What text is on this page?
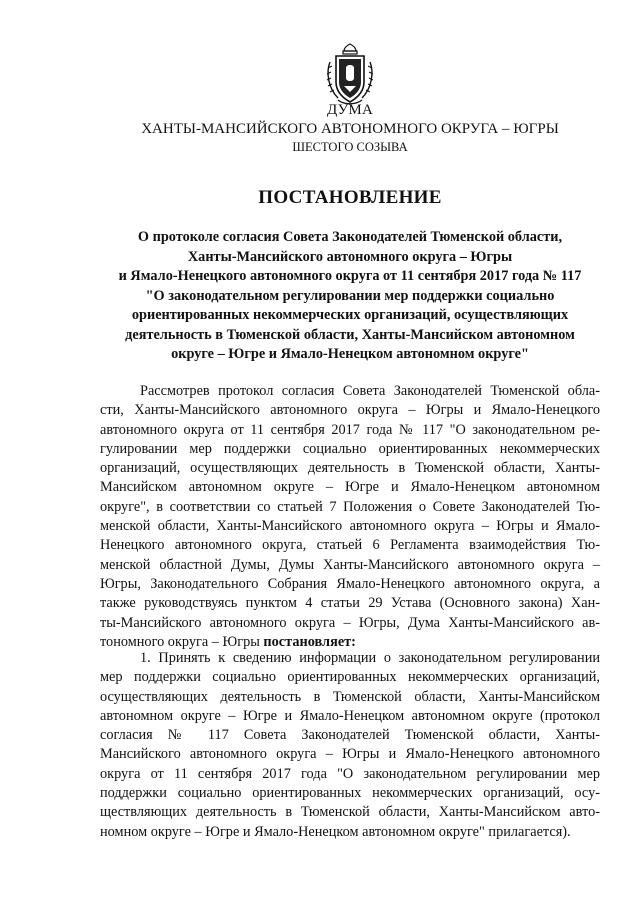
ДУМА
ХАНТЫ-МАНСИЙСКОГО АВТОНОМНОГО ОКРУГА – ЮГРЫ
ШЕСТОГО СОЗЫВА
ПОСТАНОВЛЕНИЕ
О протоколе согласия Совета Законодателей Тюменской области,
Ханты-Мансийского автономного округа – Югры
и Ямало-Ненецкого автономного округа от 11 сентября 2017 года № 117
"О законодательном регулировании мер поддержки социально
ориентированных некоммерческих организаций, осуществляющих
деятельность в Тюменской области, Ханты-Мансийском автономном
округе – Югре и Ямало-Ненецком автономном округе"
Рассмотрев протокол согласия Совета Законодателей Тюменской обла-
сти, Ханты-Мансийского автономного округа – Югры и Ямало-Ненецкого
автономного округа от 11 сентября 2017 года № 117 "О законодательном ре-
гулировании мер поддержки социально ориентированных некоммерческих
организаций, осуществляющих деятельность в Тюменской области, Ханты-
Мансийском автономном округе – Югре и Ямало-Ненецком автономном
округе", в соответствии со статьей 7 Положения о Совете Законодателей Тю-
менской области, Ханты-Мансийского автономного округа – Югры и Ямало-
Ненецкого автономного округа, статьей 6 Регламента взаимодействия Тю-
менской областной Думы, Думы Ханты-Мансийского автономного округа –
Югры, Законодательного Собрания Ямало-Ненецкого автономного округа, а
также руководствуясь пунктом 4 статьи 29 Устава (Основного закона) Хан-
ты-Мансийского автономного округа – Югры, Дума Ханты-Мансийского ав-
тономного округа – Югры постановляет:
1. Принять к сведению информации о законодательном регулировании
мер поддержки социально ориентированных некоммерческих организаций,
осуществляющих деятельность в Тюменской области, Ханты-Мансийском
автономном округе – Югре и Ямало-Ненецком автономном округе (протокол
согласия № 117 Совета Законодателей Тюменской области, Ханты-
Мансийского автономного округа – Югры и Ямало-Ненецкого автономного
округа от 11 сентября 2017 года "О законодательном регулировании мер
поддержки социально ориентированных некоммерческих организаций, осу-
ществляющих деятельность в Тюменской области, Ханты-Мансийском авто-
номном округе – Югре и Ямало-Ненецком автономном округе" прилагается).
